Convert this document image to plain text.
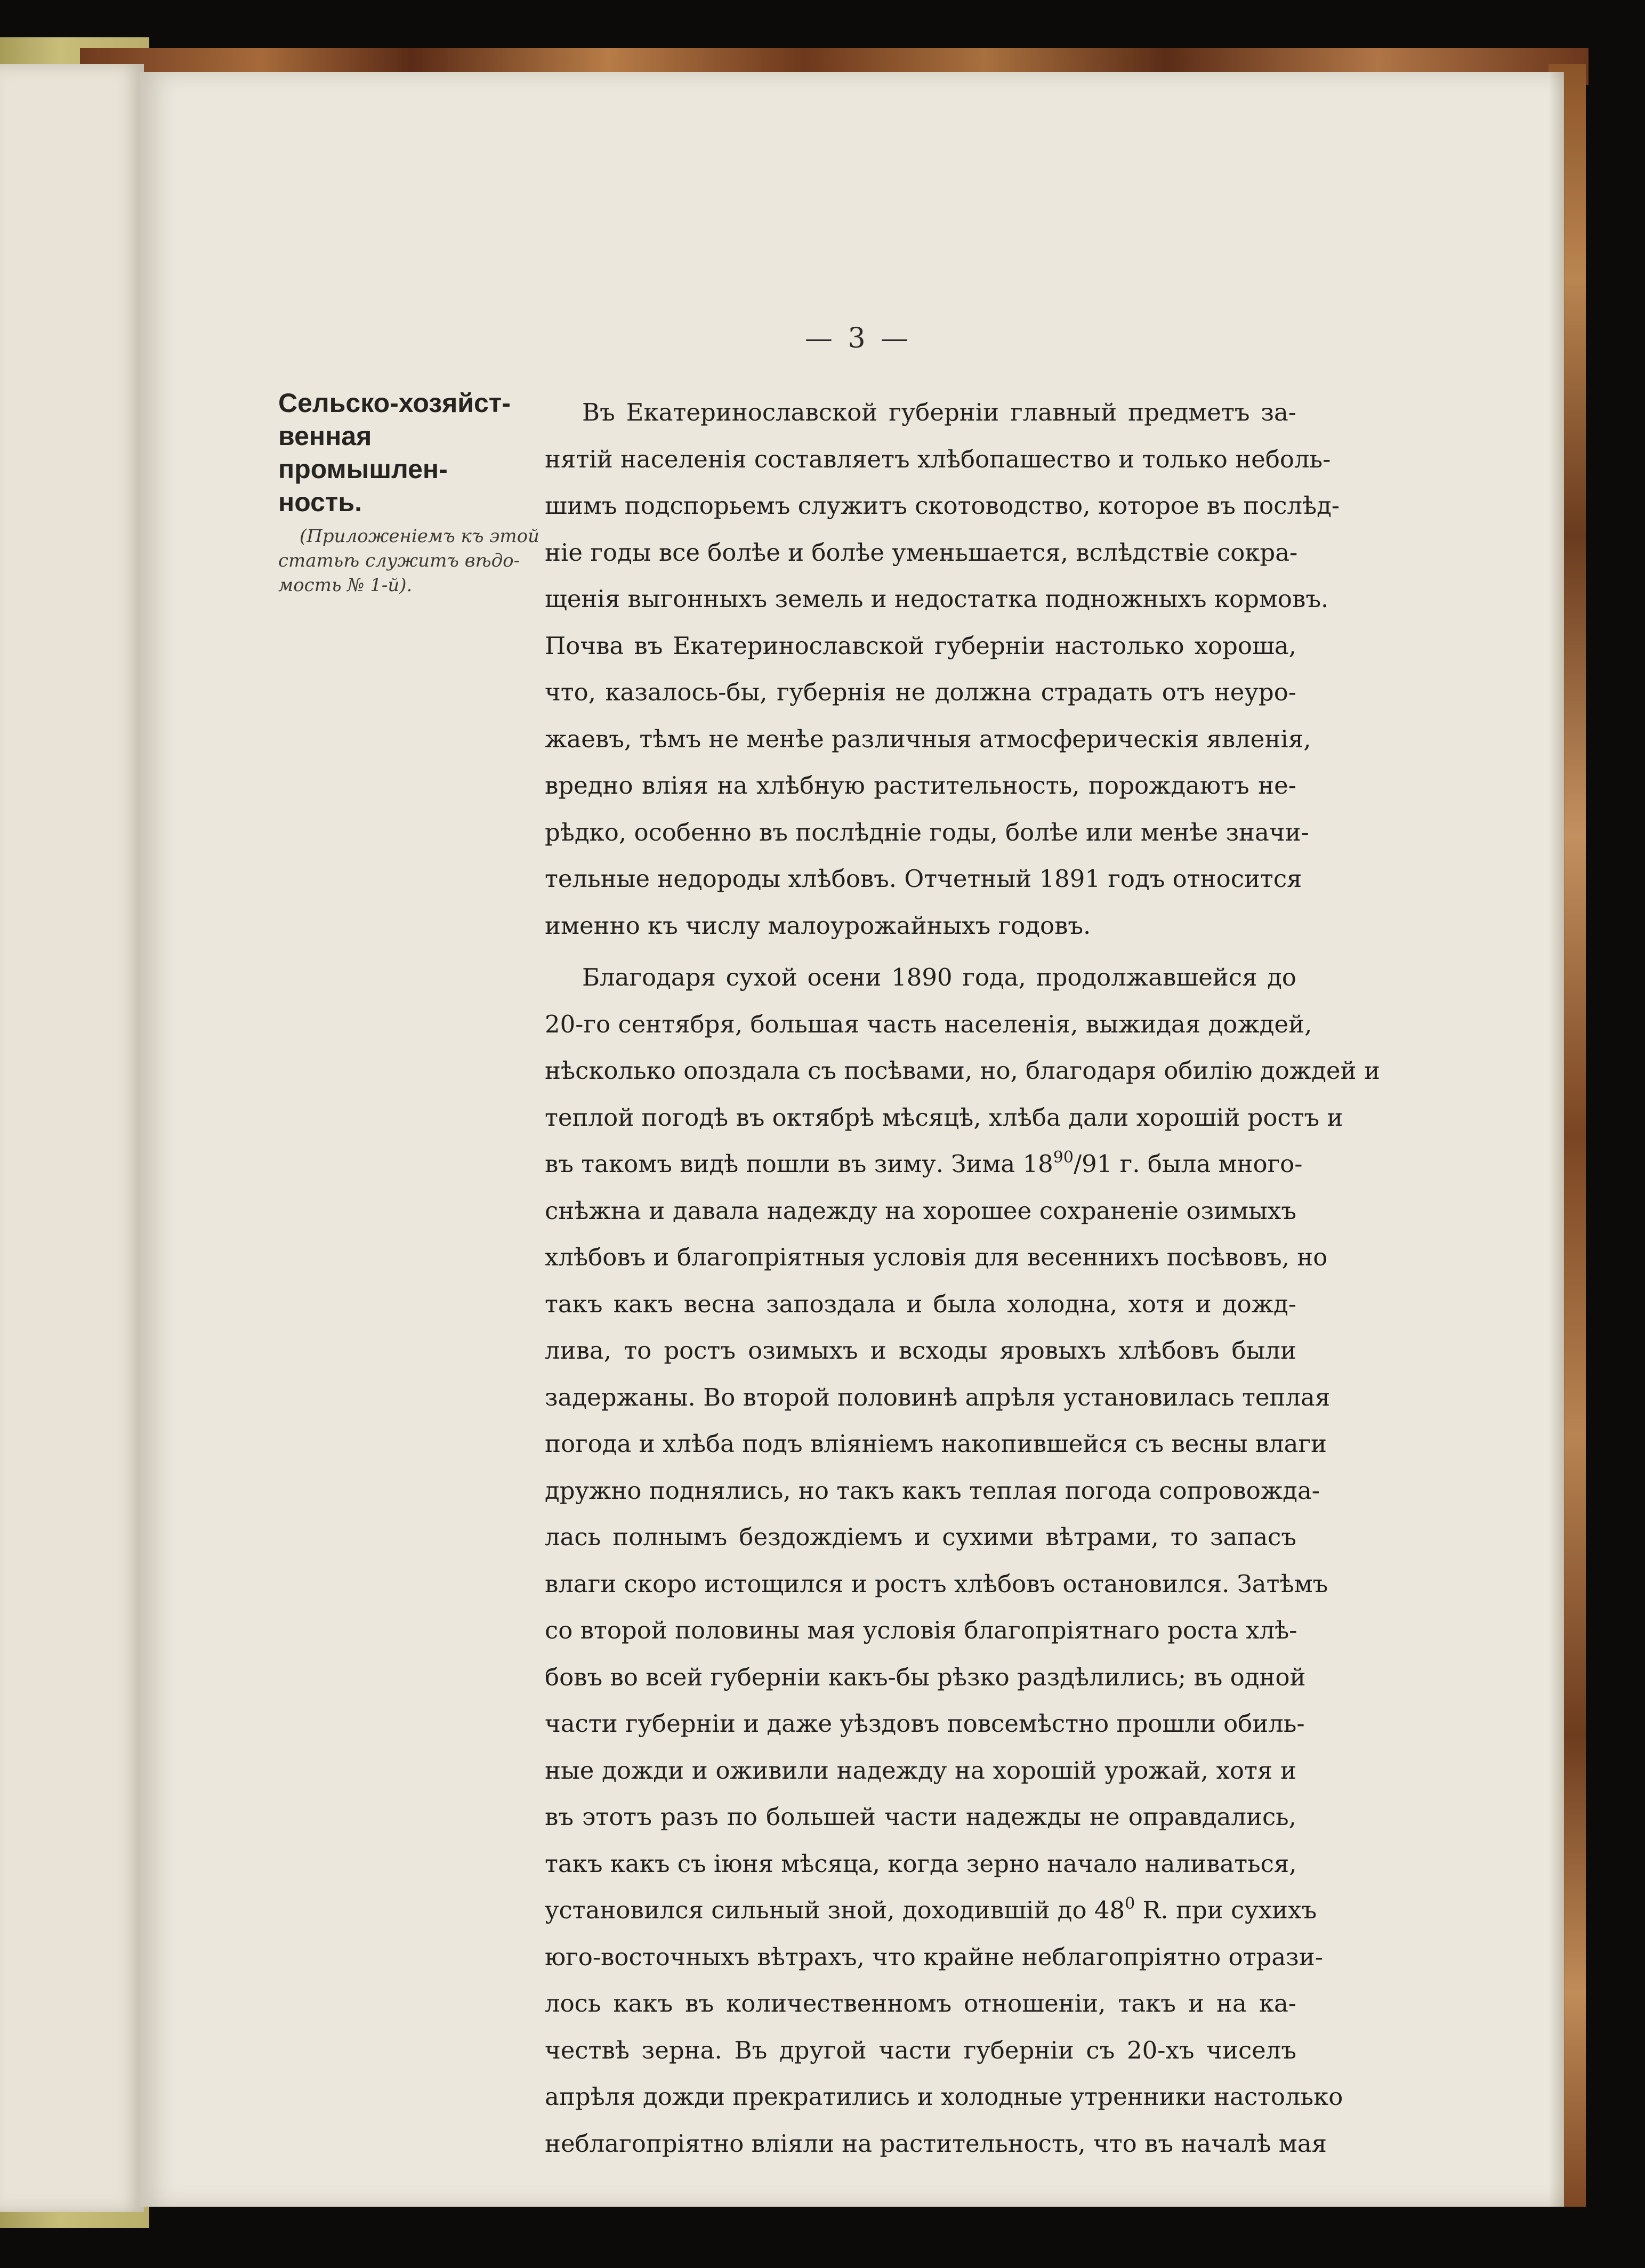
— 3 —
Сельско-хозяйст-
венная промышлен-
ность.
(Приложеніемъ къ этой
статьѣ служитъ вѣдо-
мость № 1-й).
Въ Екатеринославской губерніи главный предметъ за-
нятій населенія составляетъ хлѣбопашество и только неболь-
шимъ подспорьемъ служитъ скотоводство, которое въ послѣд-
ніе годы все болѣе и болѣе уменьшается, вслѣдствіе сокра-
щенія выгонныхъ земель и недостатка подножныхъ кормовъ.
Почва въ Екатеринославской губерніи настолько хороша,
что, казалось-бы, губернія не должна страдать отъ неуро-
жаевъ, тѣмъ не менѣе различныя атмосферическія явленія,
вредно вліяя на хлѣбную растительность, порождаютъ не-
рѣдко, особенно въ послѣдніе годы, болѣе или менѣе значи-
тельные недороды хлѣбовъ. Отчетный 1891 годъ относится
именно къ числу малоурожайныхъ годовъ.
Благодаря сухой осени 1890 года, продолжавшейся до
20-го сентября, большая часть населенія, выжидая дождей,
нѣсколько опоздала съ посѣвами, но, благодаря обилію дождей и
теплой погодѣ въ октябрѣ мѣсяцѣ, хлѣба дали хорошій ростъ и
въ такомъ видѣ пошли въ зиму. Зима $18^{90}/91$ г. была много-
снѣжна и давала надежду на хорошее сохраненіе озимыхъ
хлѣбовъ и благопріятныя условія для весеннихъ посѣвовъ, но
такъ какъ весна запоздала и была холодна, хотя и дожд-
лива, то ростъ озимыхъ и всходы яровыхъ хлѣбовъ были
задержаны. Во второй половинѣ апрѣля установилась теплая
погода и хлѣба подъ вліяніемъ накопившейся съ весны влаги
дружно поднялись, но такъ какъ теплая погода сопровожда-
лась полнымъ бездождіемъ и сухими вѣтрами, то запасъ
влаги скоро истощился и ростъ хлѣбовъ остановился. Затѣмъ
со второй половины мая условія благопріятнаго роста хлѣ-
бовъ во всей губерніи какъ-бы рѣзко раздѣлились; въ одной
части губерніи и даже уѣздовъ повсемѣстно прошли обиль-
ные дожди и оживили надежду на хорошій урожай, хотя и
въ этотъ разъ по большей части надежды не оправдались,
такъ какъ съ іюня мѣсяца, когда зерно начало наливаться,
установился сильный зной, доходившій до $48^0$ R. при сухихъ
юго-восточныхъ вѣтрахъ, что крайне неблагопріятно отрази-
лось какъ въ количественномъ отношеніи, такъ и на ка-
чествѣ зерна. Въ другой части губерніи съ 20-хъ чиселъ
апрѣля дожди прекратились и холодные утренники настолько
неблагопріятно вліяли на растительность, что въ началѣ мая
